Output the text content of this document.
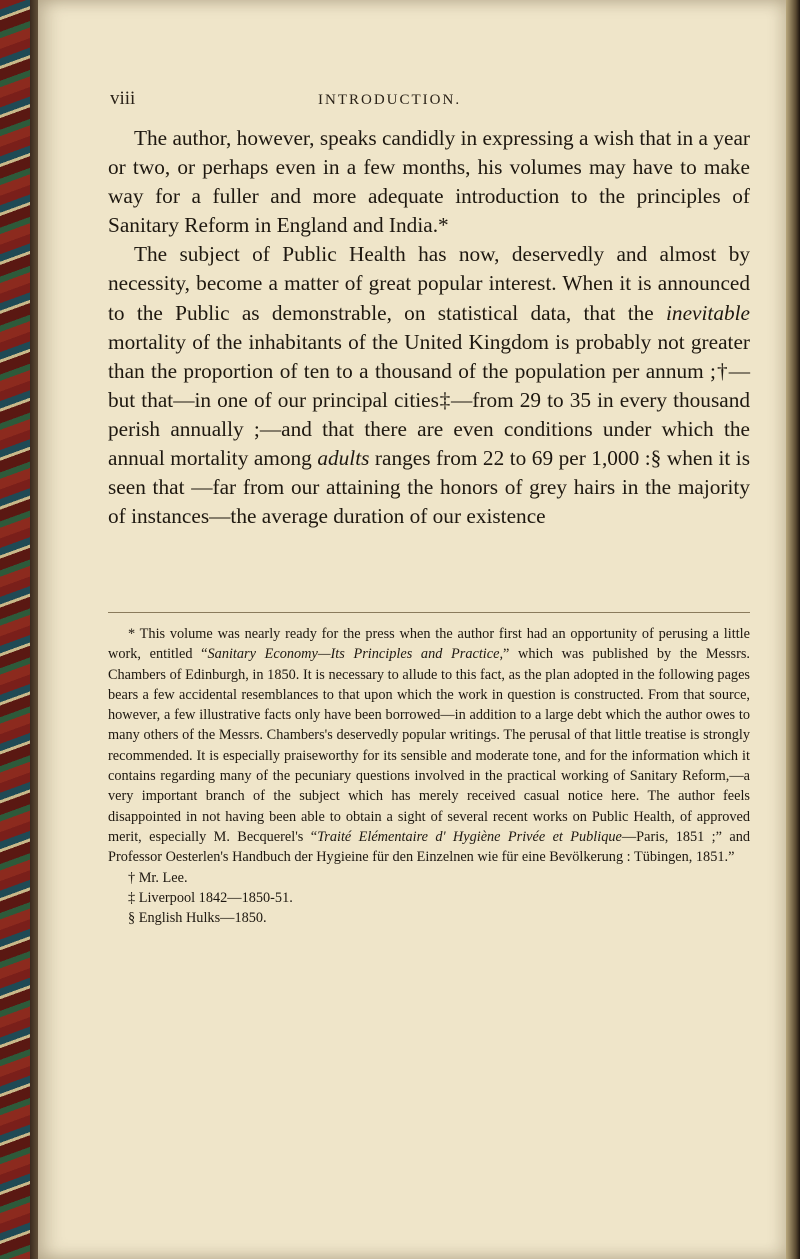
viii	INTRODUCTION.

The author, however, speaks candidly in expressing a wish that in a year or two, or perhaps even in a few months, his volumes may have to make way for a fuller and more adequate introduction to the principles of Sanitary Reform in England and India.*

The subject of Public Health has now, deservedly and almost by necessity, become a matter of great popular interest. When it is announced to the Public as demonstrable, on statistical data, that the inevitable mortality of the inhabitants of the United Kingdom is probably not greater than the proportion of ten to a thousand of the population per annum ;†—but that—in one of our principal cities‡—from 29 to 35 in every thousand perish annually ;—and that there are even conditions under which the annual mortality among adults ranges from 22 to 69 per 1,000 :§ when it is seen that —far from our attaining the honors of grey hairs in the majority of instances—the average duration of our existence

* This volume was nearly ready for the press when the author first had an opportunity of perusing a little work, entitled “Sanitary Economy—Its Principles and Practice,” which was published by the Messrs. Chambers of Edinburgh, in 1850. It is necessary to allude to this fact, as the plan adopted in the following pages bears a few accidental resemblances to that upon which the work in question is constructed. From that source, however, a few illustrative facts only have been borrowed—in addition to a large debt which the author owes to many others of the Messrs. Chambers's deservedly popular writings. The perusal of that little treatise is strongly recommended. It is especially praiseworthy for its sensible and moderate tone, and for the information which it contains regarding many of the pecuniary questions involved in the practical working of Sanitary Reform,—a very important branch of the subject which has merely received casual notice here. The author feels disappointed in not having been able to obtain a sight of several recent works on Public Health, of approved merit, especially M. Becquerel's “Traité Elémentaire d' Hygiène Privée et Publique—Paris, 1851 ;” and Professor Oesterlen's Handbuch der Hygieine für den Einzelnen wie für eine Bevölkerung : Tübingen, 1851.”

† Mr. Lee.

‡ Liverpool 1842—1850-51.

§ English Hulks—1850.
